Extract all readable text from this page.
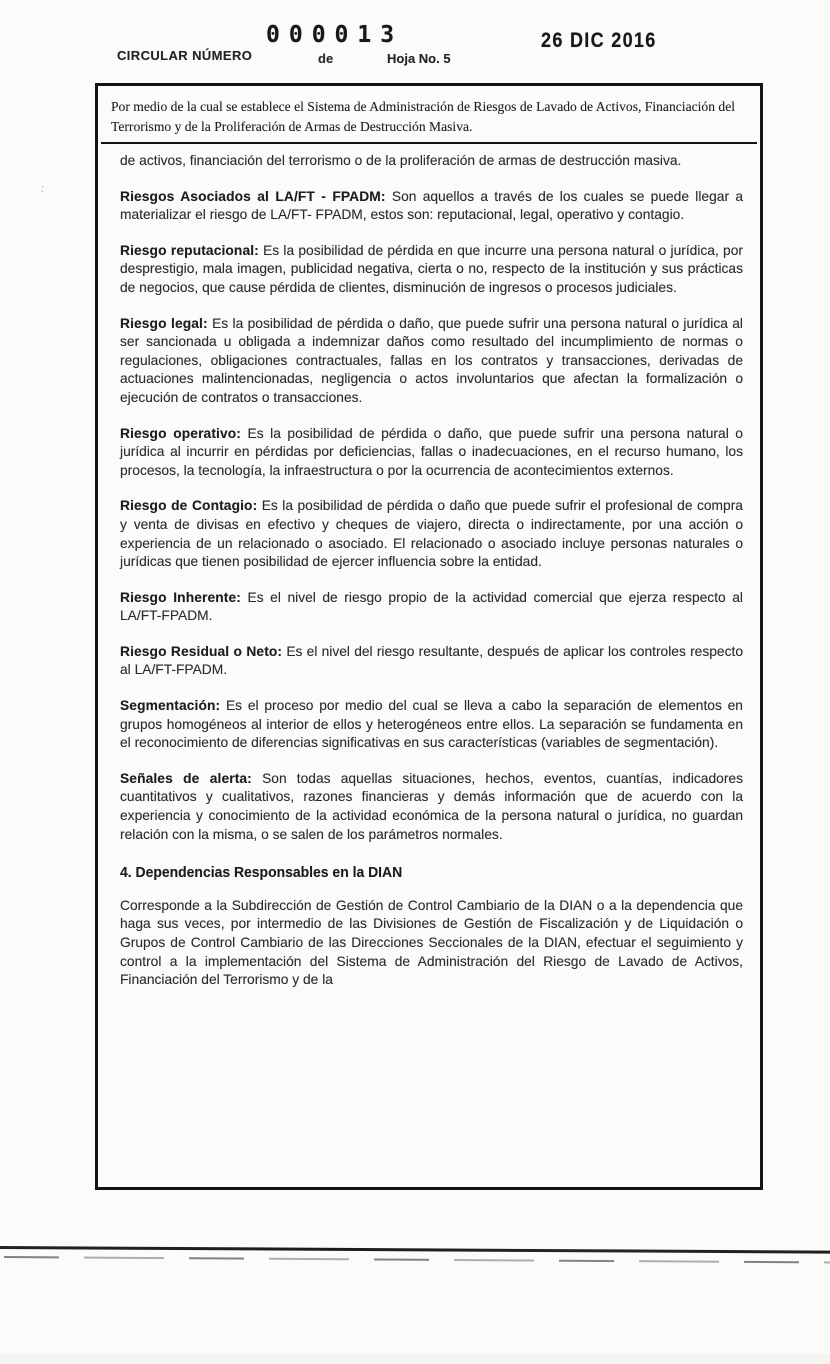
CIRCULAR NÚMERO
000013
de	Hoja No. 5
26 DIC 2016
:
Por medio de la cual se establece el Sistema de Administración de Riesgos de Lavado de Activos, Financiación del Terrorismo y de la Proliferación de Armas de Destrucción Masiva.

de activos, financiación del terrorismo o de la proliferación de armas de destrucción masiva.

Riesgos Asociados al LA/FT - FPADM: Son aquellos a través de los cuales se puede llegar a materializar el riesgo de LA/FT- FPADM, estos son: reputacional, legal, operativo y contagio.

Riesgo reputacional: Es la posibilidad de pérdida en que incurre una persona natural o jurídica, por desprestigio, mala imagen, publicidad negativa, cierta o no, respecto de la institución y sus prácticas de negocios, que cause pérdida de clientes, disminución de ingresos o procesos judiciales.

Riesgo legal: Es la posibilidad de pérdida o daño, que puede sufrir una persona natural o jurídica al ser sancionada u obligada a indemnizar daños como resultado del incumplimiento de normas o regulaciones, obligaciones contractuales, fallas en los contratos y transacciones, derivadas de actuaciones malintencionadas, negligencia o actos involuntarios que afectan la formalización o ejecución de contratos o transacciones.

Riesgo operativo: Es la posibilidad de pérdida o daño, que puede sufrir una persona natural o jurídica al incurrir en pérdidas por deficiencias, fallas o inadecuaciones, en el recurso humano, los procesos, la tecnología, la infraestructura o por la ocurrencia de acontecimientos externos.

Riesgo de Contagio: Es la posibilidad de pérdida o daño que puede sufrir el profesional de compra y venta de divisas en efectivo y cheques de viajero, directa o indirectamente, por una acción o experiencia de un relacionado o asociado. El relacionado o asociado incluye personas naturales o jurídicas que tienen posibilidad de ejercer influencia sobre la entidad.

Riesgo Inherente: Es el nivel de riesgo propio de la actividad comercial que ejerza respecto al LA/FT-FPADM.

Riesgo Residual o Neto: Es el nivel del riesgo resultante, después de aplicar los controles respecto al LA/FT-FPADM.

Segmentación: Es el proceso por medio del cual se lleva a cabo la separación de elementos en grupos homogéneos al interior de ellos y heterogéneos entre ellos. La separación se fundamenta en el reconocimiento de diferencias significativas en sus características (variables de segmentación).

Señales de alerta: Son todas aquellas situaciones, hechos, eventos, cuantías, indicadores cuantitativos y cualitativos, razones financieras y demás información que de acuerdo con la experiencia y conocimiento de la actividad económica de la persona natural o jurídica, no guardan relación con la misma, o se salen de los parámetros normales.

4. Dependencias Responsables en la DIAN

Corresponde a la Subdirección de Gestión de Control Cambiario de la DIAN o a la dependencia que haga sus veces, por intermedio de las Divisiones de Gestión de Fiscalización y de Liquidación o Grupos de Control Cambiario de las Direcciones Seccionales de la DIAN, efectuar el seguimiento y control a la implementación del Sistema de Administración del Riesgo de Lavado de Activos, Financiación del Terrorismo y de la
